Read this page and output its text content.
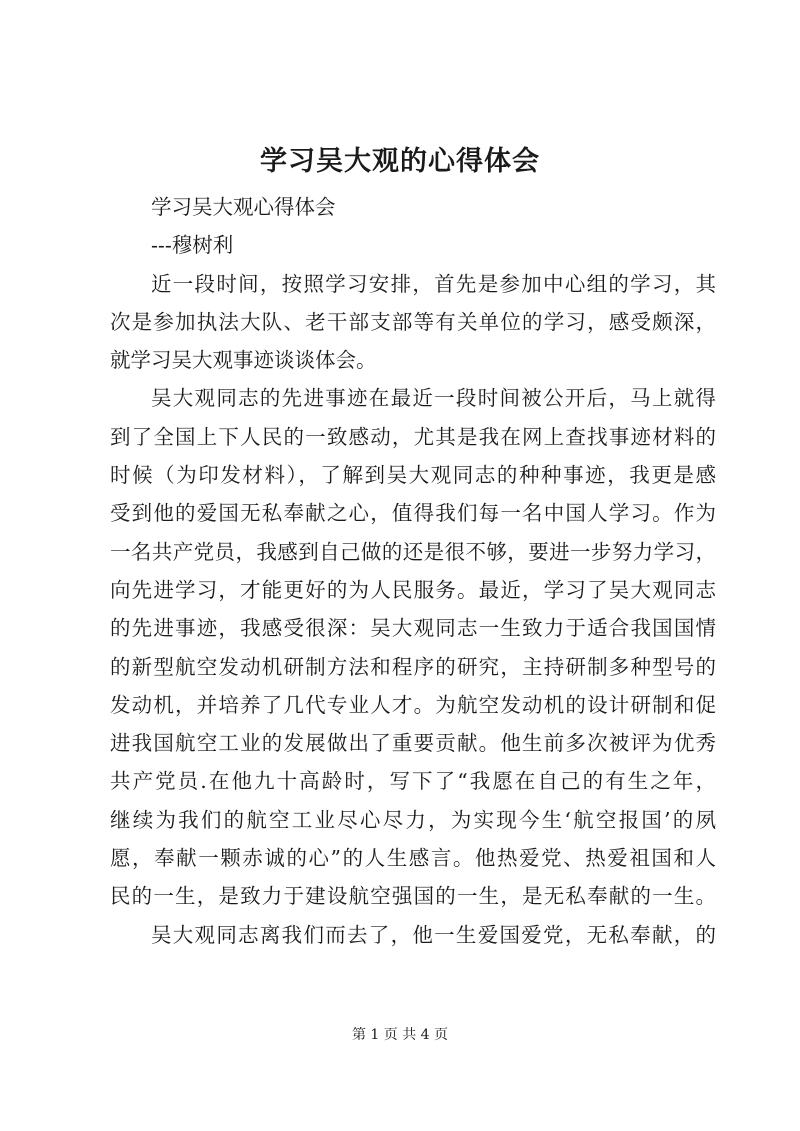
学习吴大观的心得体会
学习吴大观心得体会
---穆树利
近一段时间，按照学习安排，首先是参加中心组的学习，其
次是参加执法大队、老干部支部等有关单位的学习，感受颇深，
就学习吴大观事迹谈谈体会。
吴大观同志的先进事迹在最近一段时间被公开后，马上就得
到了全国上下人民的一致感动，尤其是我在网上查找事迹材料的
时候（为印发材料），了解到吴大观同志的种种事迹，我更是感
受到他的爱国无私奉献之心，值得我们每一名中国人学习。作为
一名共产党员，我感到自己做的还是很不够，要进一步努力学习，
向先进学习，才能更好的为人民服务。最近，学习了吴大观同志
的先进事迹，我感受很深：吴大观同志一生致力于适合我国国情
的新型航空发动机研制方法和程序的研究，主持研制多种型号的
发动机，并培养了几代专业人才。为航空发动机的设计研制和促
进我国航空工业的发展做出了重要贡献。他生前多次被评为优秀
共产党员.在他九十高龄时，写下了“我愿在自己的有生之年，
继续为我们的航空工业尽心尽力，为实现今生‘航空报国’的夙
愿，奉献一颗赤诚的心”的人生感言。他热爱党、热爱祖国和人
民的一生，是致力于建设航空强国的一生，是无私奉献的一生。
吴大观同志离我们而去了，他一生爱国爱党，无私奉献，的
第 1 页 共 4 页
